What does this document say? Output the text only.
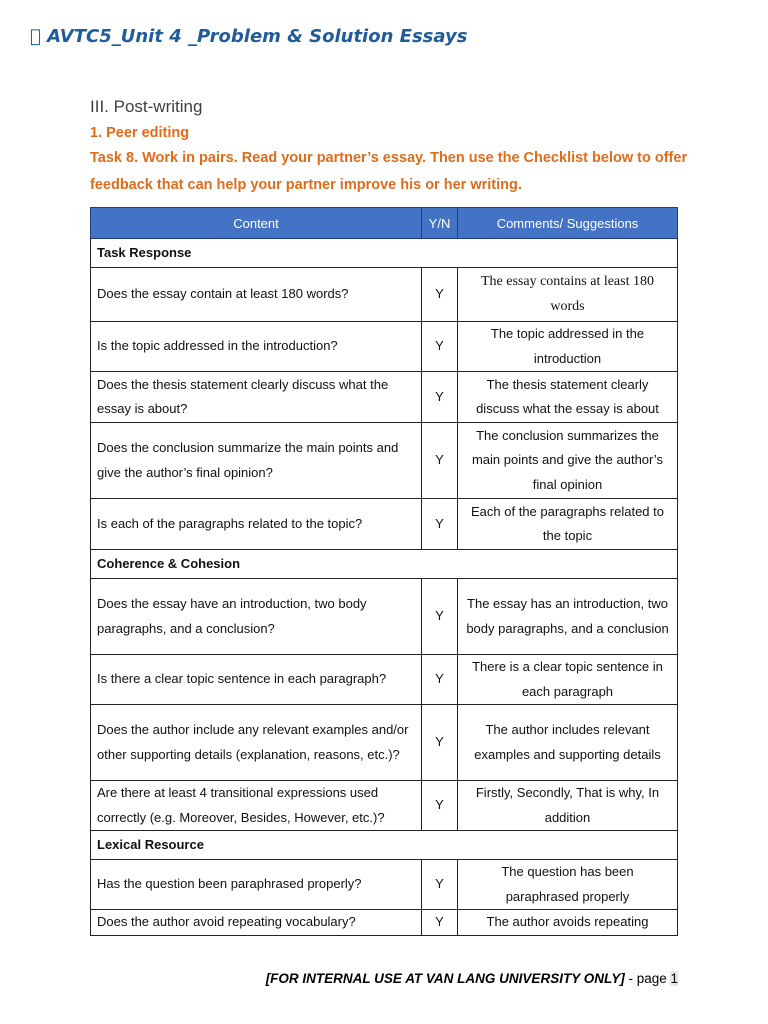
AVTC5_Unit 4 _Problem & Solution Essays
III. Post-writing
1. Peer editing
Task 8. Work in pairs. Read your partner’s essay. Then use the Checklist below to offer feedback that can help your partner improve his or her writing.
Content	Y/N	Comments/ Suggestions
Task Response		
Does the essay contain at least 180 words?	Y	The essay contains at least 180 words
Is the topic addressed in the introduction?	Y	The topic addressed in the introduction
Does the thesis statement clearly discuss what the essay is about?	Y	The thesis statement clearly discuss what the essay is about
Does the conclusion summarize the main points and give the author’s final opinion?	Y	The conclusion summarizes the main points and give the author’s final opinion
Is each of the paragraphs related to the topic?	Y	Each of the paragraphs related to the topic
Coherence & Cohesion		
Does the essay have an introduction, two body paragraphs, and a conclusion?	Y	The essay has an introduction, two body paragraphs, and a conclusion
Is there a clear topic sentence in each paragraph?	Y	There is a clear topic sentence in each paragraph
Does the author include any relevant examples and/or other supporting details (explanation, reasons, etc.)?	Y	The author includes relevant examples and supporting details
Are there at least 4 transitional expressions used correctly (e.g. Moreover, Besides, However, etc.)?	Y	Firstly, Secondly, That is why, In addition
Lexical Resource		
Has the question been paraphrased properly?	Y	The question has been paraphrased properly
Does the author avoid repeating vocabulary?	Y	The author avoids repeating
[FOR INTERNAL USE AT VAN LANG UNIVERSITY ONLY] - page 1
